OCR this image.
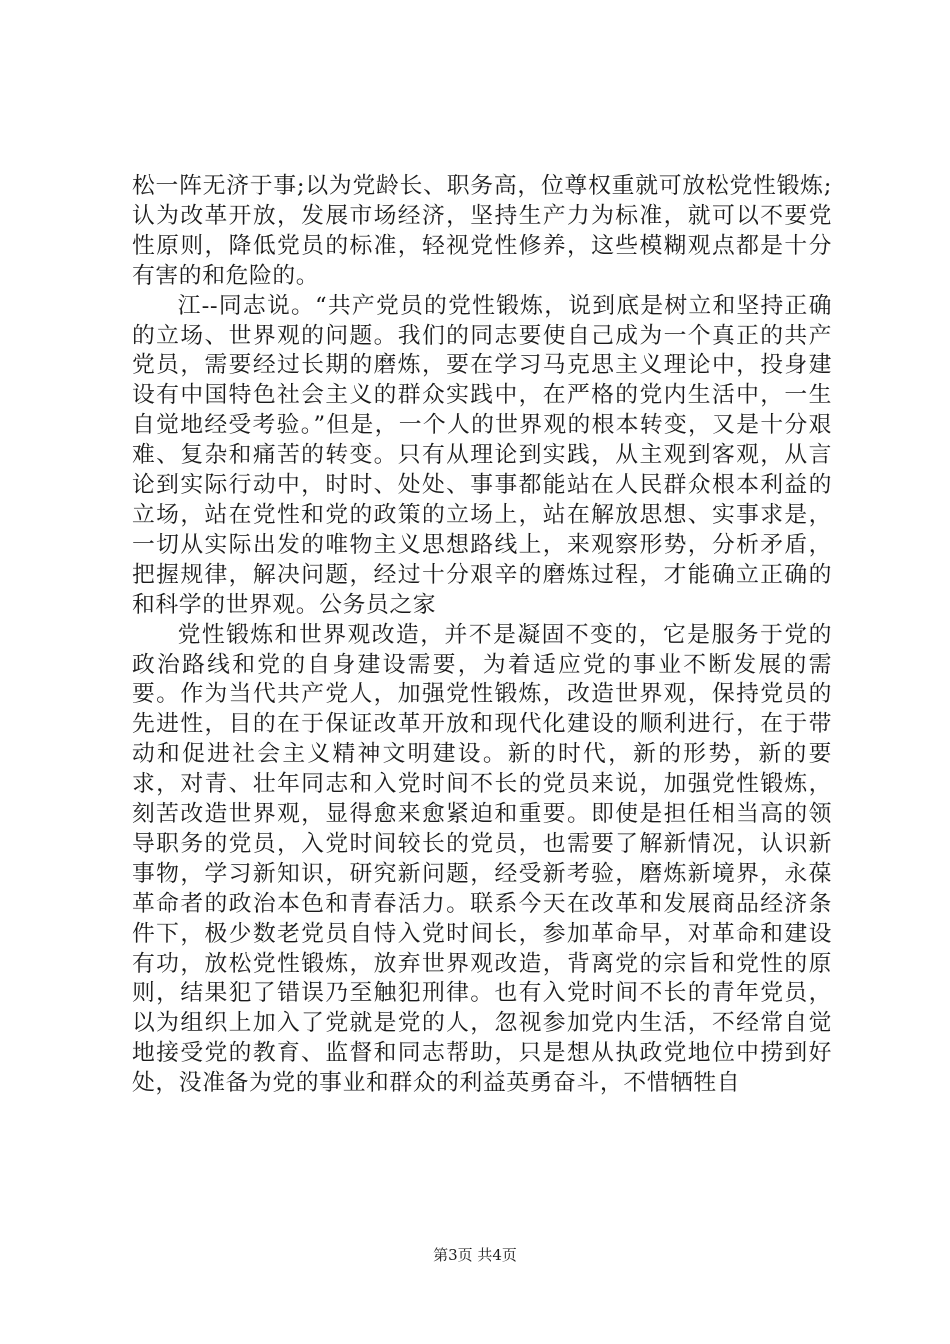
松一阵无济于事;以为党龄长、职务高，位尊权重就可放松党性锻炼;认为改革开放，发展市场经济，坚持生产力为标准，就可以不要党性原则，降低党员的标准，轻视党性修养，这些模糊观点都是十分有害的和危险的。

江--同志说。“共产党员的党性锻炼，说到底是树立和坚持正确的立场、世界观的问题。我们的同志要使自己成为一个真正的共产党员，需要经过长期的磨炼，要在学习马克思主义理论中，投身建设有中国特色社会主义的群众实践中，在严格的党内生活中，一生自觉地经受考验。”但是，一个人的世界观的根本转变，又是十分艰难、复杂和痛苦的转变。只有从理论到实践，从主观到客观，从言论到实际行动中，时时、处处、事事都能站在人民群众根本利益的立场，站在党性和党的政策的立场上，站在解放思想、实事求是，一切从实际出发的唯物主义思想路线上，来观察形势，分析矛盾，把握规律，解决问题，经过十分艰辛的磨炼过程，才能确立正确的和科学的世界观。公务员之家

党性锻炼和世界观改造，并不是凝固不变的，它是服务于党的政治路线和党的自身建设需要，为着适应党的事业不断发展的需要。作为当代共产党人，加强党性锻炼，改造世界观，保持党员的先进性，目的在于保证改革开放和现代化建设的顺利进行，在于带动和促进社会主义精神文明建设。新的时代，新的形势，新的要求，对青、壮年同志和入党时间不长的党员来说，加强党性锻炼，刻苦改造世界观，显得愈来愈紧迫和重要。即使是担任相当高的领导职务的党员，入党时间较长的党员，也需要了解新情况，认识新事物，学习新知识，研究新问题，经受新考验，磨炼新境界，永葆革命者的政治本色和青春活力。联系今天在改革和发展商品经济条件下，极少数老党员自恃入党时间长，参加革命早，对革命和建设有功，放松党性锻炼，放弃世界观改造，背离党的宗旨和党性的原则，结果犯了错误乃至触犯刑律。也有入党时间不长的青年党员，以为组织上加入了党就是党的人，忽视参加党内生活，不经常自觉地接受党的教育、监督和同志帮助，只是想从执政党地位中捞到好处，没准备为党的事业和群众的利益英勇奋斗，不惜牺牲自

第3页 共4页
